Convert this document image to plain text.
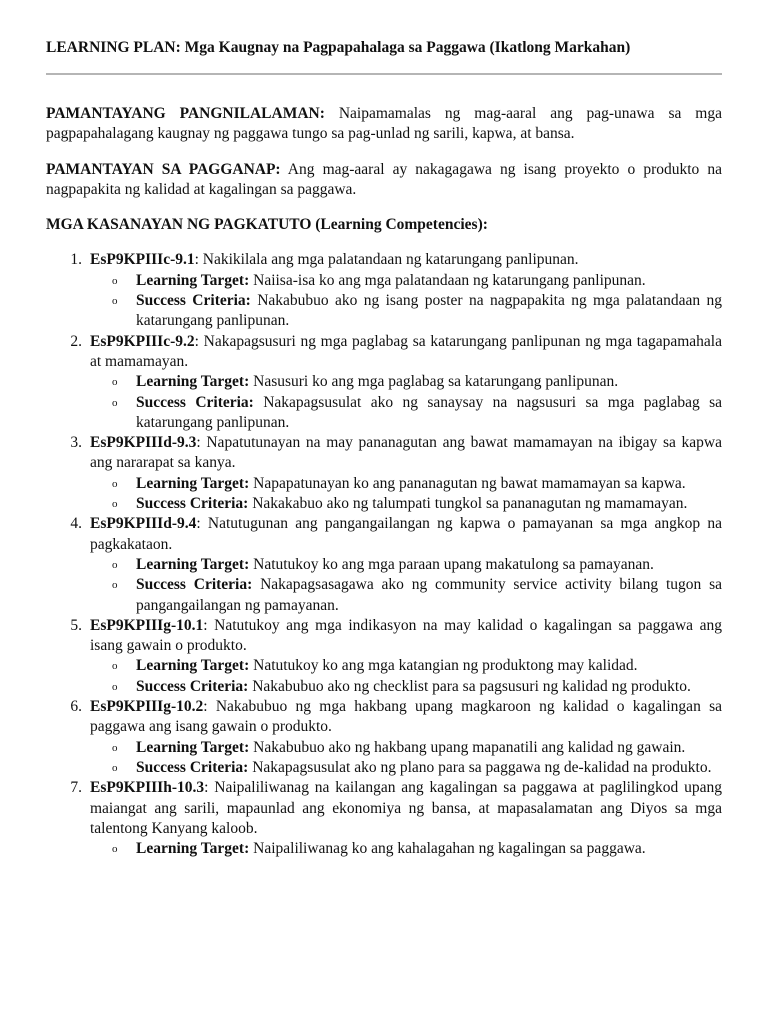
LEARNING PLAN: Mga Kaugnay na Pagpapahalaga sa Paggawa (Ikatlong Markahan)

PAMANTAYANG PANGNILALAMAN: Naipamamalas ng mag-aaral ang pag-unawa sa mga pagpapahalagang kaugnay ng paggawa tungo sa pag-unlad ng sarili, kapwa, at bansa.

PAMANTAYAN SA PAGGANAP: Ang mag-aaral ay nakagagawa ng isang proyekto o produkto na nagpapakita ng kalidad at kagalingan sa paggawa.

MGA KASANAYAN NG PAGKATUTO (Learning Competencies):

1. EsP9KPIIIc-9.1: Nakikilala ang mga palatandaan ng katarungang panlipunan.
o Learning Target: Naiisa-isa ko ang mga palatandaan ng katarungang panlipunan.
o Success Criteria: Nakabubuo ako ng isang poster na nagpapakita ng mga palatandaan ng katarungang panlipunan.
2. EsP9KPIIIc-9.2: Nakapagsusuri ng mga paglabag sa katarungang panlipunan ng mga tagapamahala at mamamayan.
o Learning Target: Nasusuri ko ang mga paglabag sa katarungang panlipunan.
o Success Criteria: Nakapagsusulat ako ng sanaysay na nagsusuri sa mga paglabag sa katarungang panlipunan.
3. EsP9KPIIId-9.3: Napatutunayan na may pananagutan ang bawat mamamayan na ibigay sa kapwa ang nararapat sa kanya.
o Learning Target: Napapatunayan ko ang pananagutan ng bawat mamamayan sa kapwa.
o Success Criteria: Nakakabuo ako ng talumpati tungkol sa pananagutan ng mamamayan.
4. EsP9KPIIId-9.4: Natutugunan ang pangangailangan ng kapwa o pamayanan sa mga angkop na pagkakataon.
o Learning Target: Natutukoy ko ang mga paraan upang makatulong sa pamayanan.
o Success Criteria: Nakapagsasagawa ako ng community service activity bilang tugon sa pangangailangan ng pamayanan.
5. EsP9KPIIIg-10.1: Natutukoy ang mga indikasyon na may kalidad o kagalingan sa paggawa ang isang gawain o produkto.
o Learning Target: Natutukoy ko ang mga katangian ng produktong may kalidad.
o Success Criteria: Nakabubuo ako ng checklist para sa pagsusuri ng kalidad ng produkto.
6. EsP9KPIIIg-10.2: Nakabubuo ng mga hakbang upang magkaroon ng kalidad o kagalingan sa paggawa ang isang gawain o produkto.
o Learning Target: Nakabubuo ako ng hakbang upang mapanatili ang kalidad ng gawain.
o Success Criteria: Nakapagsusulat ako ng plano para sa paggawa ng de-kalidad na produkto.
7. EsP9KPIIIh-10.3: Naipaliliwanag na kailangan ang kagalingan sa paggawa at paglilingkod upang maiangat ang sarili, mapaunlad ang ekonomiya ng bansa, at mapasalamatan ang Diyos sa mga talentong Kanyang kaloob.
o Learning Target: Naipaliliwanag ko ang kahalagahan ng kagalingan sa paggawa.
